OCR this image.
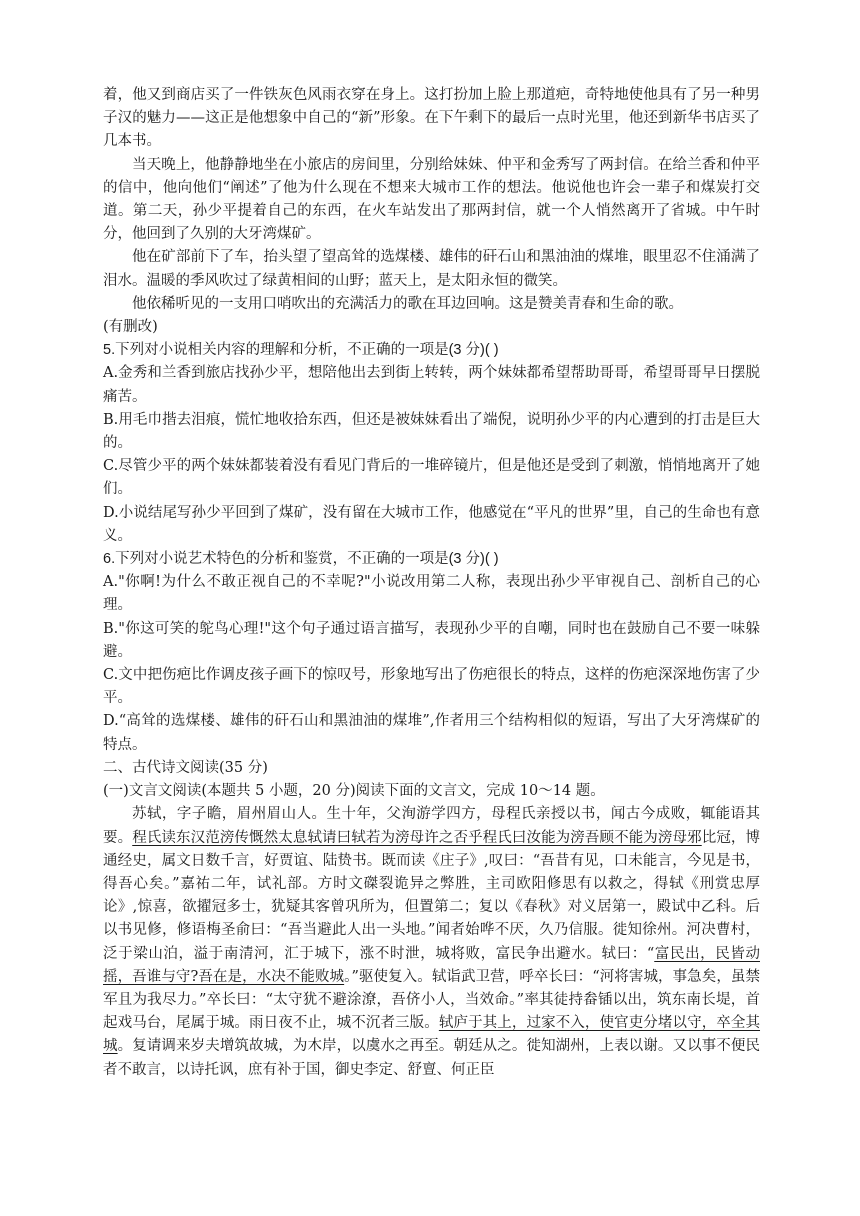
着，他又到商店买了一件铁灰色风雨衣穿在身上。这打扮加上脸上那道疤，奇特地使他具有了另一种男子汉的魅力——这正是他想象中自己的“新”形象。在下午剩下的最后一点时光里，他还到新华书店买了几本书。

当天晚上，他静静地坐在小旅店的房间里，分别给妹妹、仲平和金秀写了两封信。在给兰香和仲平的信中，他向他们“阐述”了他为什么现在不想来大城市工作的想法。他说他也许会一辈子和煤炭打交道。第二天，孙少平提着自己的东西，在火车站发出了那两封信，就一个人悄然离开了省城。中午时分，他回到了久别的大牙湾煤矿。

他在矿部前下了车，抬头望了望高耸的选煤楼、雄伟的矸石山和黑油油的煤堆，眼里忍不住涌满了泪水。温暖的季风吹过了绿黄相间的山野；蓝天上，是太阳永恒的微笑。

他依稀听见的一支用口哨吹出的充满活力的歌在耳边回响。这是赞美青春和生命的歌。

(有删改)

5.下列对小说相关内容的理解和分析，不正确的一项是(3 分)( )

A.金秀和兰香到旅店找孙少平，想陪他出去到街上转转，两个妹妹都希望帮助哥哥，希望哥哥早日摆脱痛苦。

B.用毛巾揩去泪痕，慌忙地收拾东西，但还是被妹妹看出了端倪，说明孙少平的内心遭到的打击是巨大的。

C.尽管少平的两个妹妹都装着没有看见门背后的一堆碎镜片，但是他还是受到了刺激，悄悄地离开了她们。

D.小说结尾写孙少平回到了煤矿，没有留在大城市工作，他感觉在“平凡的世界”里，自己的生命也有意义。

6.下列对小说艺术特色的分析和鉴赏，不正确的一项是(3 分)( )

A."你啊!为什么不敢正视自己的不幸呢?"小说改用第二人称，表现出孙少平审视自己、剖析自己的心理。

B."你这可笑的鸵鸟心理!"这个句子通过语言描写，表现孙少平的自嘲，同时也在鼓励自己不要一味躲避。

C.文中把伤疤比作调皮孩子画下的惊叹号，形象地写出了伤疤很长的特点，这样的伤疤深深地伤害了少平。

D.“高耸的选煤楼、雄伟的矸石山和黑油油的煤堆”,作者用三个结构相似的短语，写出了大牙湾煤矿的特点。

二、古代诗文阅读(35 分)

(一)文言文阅读(本题共 5 小题，20 分)阅读下面的文言文，完成 10～14 题。

苏轼，字子瞻，眉州眉山人。生十年，父洵游学四方，母程氏亲授以书，闻古今成败，辄能语其要。程氏读东汉范滂传慨然太息轼请曰轼若为滂母许之否乎程氏曰汝能为滂吾顾不能为滂母邪比冠，博通经史，属文日数千言，好贾谊、陆贽书。既而读《庄子》,叹曰：“吾昔有见，口未能言，今见是书，得吾心矣。”嘉祐二年，试礼部。方时文磔裂诡异之弊胜，主司欧阳修思有以救之，得轼《刑赏忠厚论》,惊喜，欲擢冠多士，犹疑其客曾巩所为，但置第二；复以《春秋》对义居第一，殿试中乙科。后以书见修，修语梅圣俞曰：“吾当避此人出一头地。”闻者始哗不厌，久乃信服。徙知徐州。河决曹村，泛于梁山泊，溢于南清河，汇于城下，涨不时泄，城将败，富民争出避水。轼曰：“富民出，民皆动摇，吾谁与守?吾在是，水决不能败城。”驱使复入。轼诣武卫营，呼卒长曰：“河将害城，事急矣，虽禁军且为我尽力。”卒长曰：“太守犹不避涂潦，吾侪小人，当效命。”率其徒持畚锸以出，筑东南长堤，首起戏马台，尾属于城。雨日夜不止，城不沉者三版。轼庐于其上，过家不入，使官吏分堵以守，卒全其城。复请调来岁夫增筑故城，为木岸，以虞水之再至。朝廷从之。徙知湖州，上表以谢。又以事不便民者不敢言，以诗托讽，庶有补于国，御史李定、舒亶、何正臣
